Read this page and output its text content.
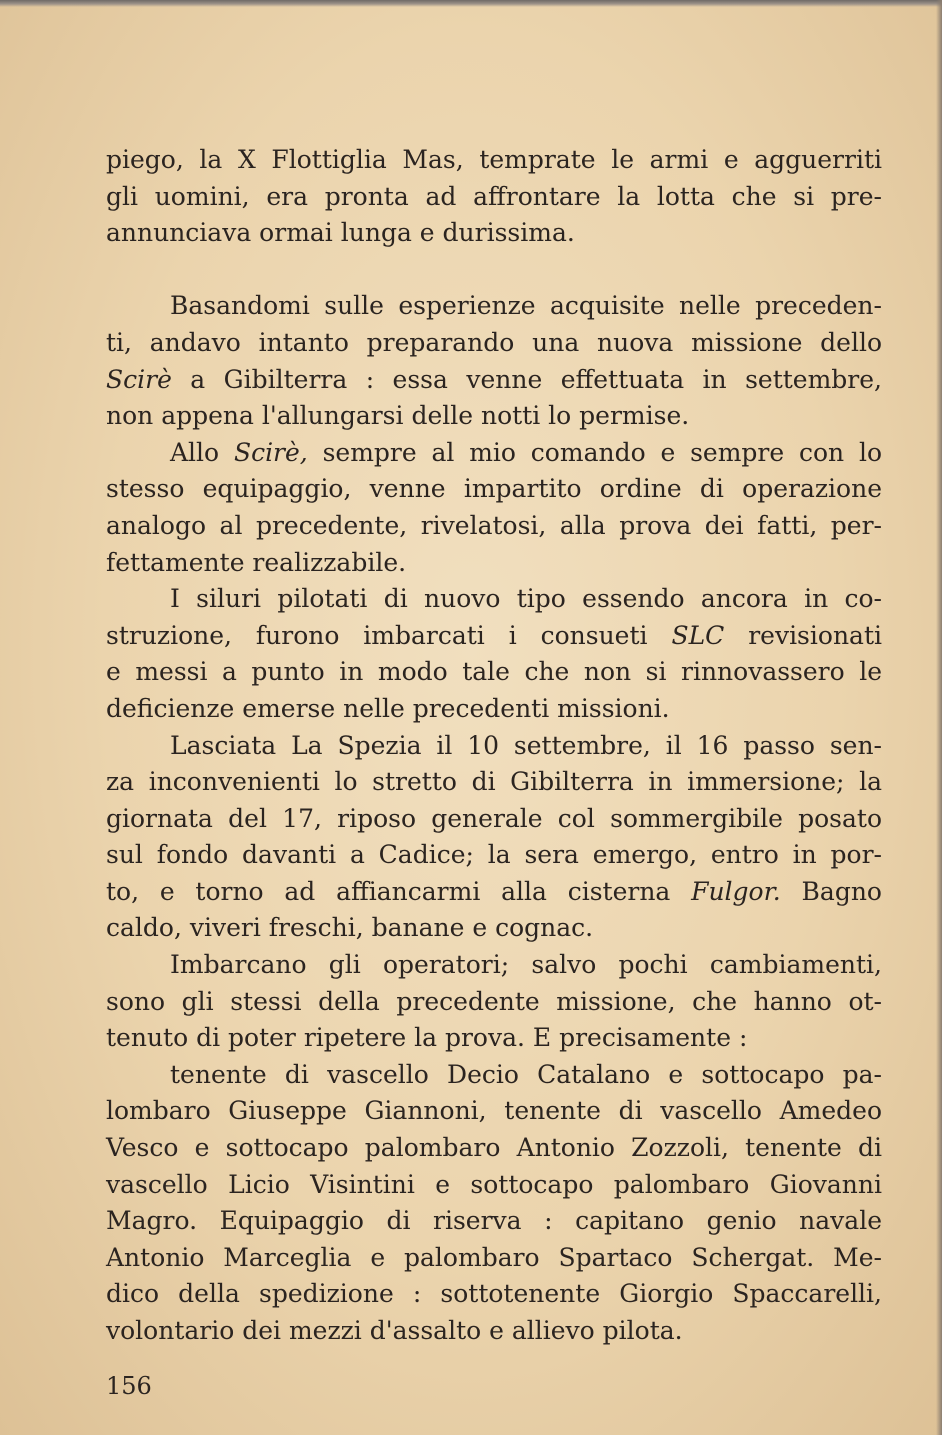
piego, la X Flottiglia Mas, temprate le armi e agguerriti
gli uomini, era pronta ad affrontare la lotta che si pre-
annunciava ormai lunga e durissima.
Basandomi sulle esperienze acquisite nelle preceden-
ti, andavo intanto preparando una nuova missione dello
Scirè a Gibilterra : essa venne effettuata in settembre,
non appena l'allungarsi delle notti lo permise.
Allo Scirè, sempre al mio comando e sempre con lo
stesso equipaggio, venne impartito ordine di operazione
analogo al precedente, rivelatosi, alla prova dei fatti, per-
fettamente realizzabile.
I siluri pilotati di nuovo tipo essendo ancora in co-
struzione, furono imbarcati i consueti SLC revisionati
e messi a punto in modo tale che non si rinnovassero le
deficienze emerse nelle precedenti missioni.
Lasciata La Spezia il 10 settembre, il 16 passo sen-
za inconvenienti lo stretto di Gibilterra in immersione; la
giornata del 17, riposo generale col sommergibile posato
sul fondo davanti a Cadice; la sera emergo, entro in por-
to, e torno ad affiancarmi alla cisterna Fulgor. Bagno
caldo, viveri freschi, banane e cognac.
Imbarcano gli operatori; salvo pochi cambiamenti,
sono gli stessi della precedente missione, che hanno ot-
tenuto di poter ripetere la prova. E precisamente :
tenente di vascello Decio Catalano e sottocapo pa-
lombaro Giuseppe Giannoni, tenente di vascello Amedeo
Vesco e sottocapo palombaro Antonio Zozzoli, tenente di
vascello Licio Visintini e sottocapo palombaro Giovanni
Magro. Equipaggio di riserva : capitano genio navale
Antonio Marceglia e palombaro Spartaco Schergat. Me-
dico della spedizione : sottotenente Giorgio Spaccarelli,
volontario dei mezzi d'assalto e allievo pilota.
156
